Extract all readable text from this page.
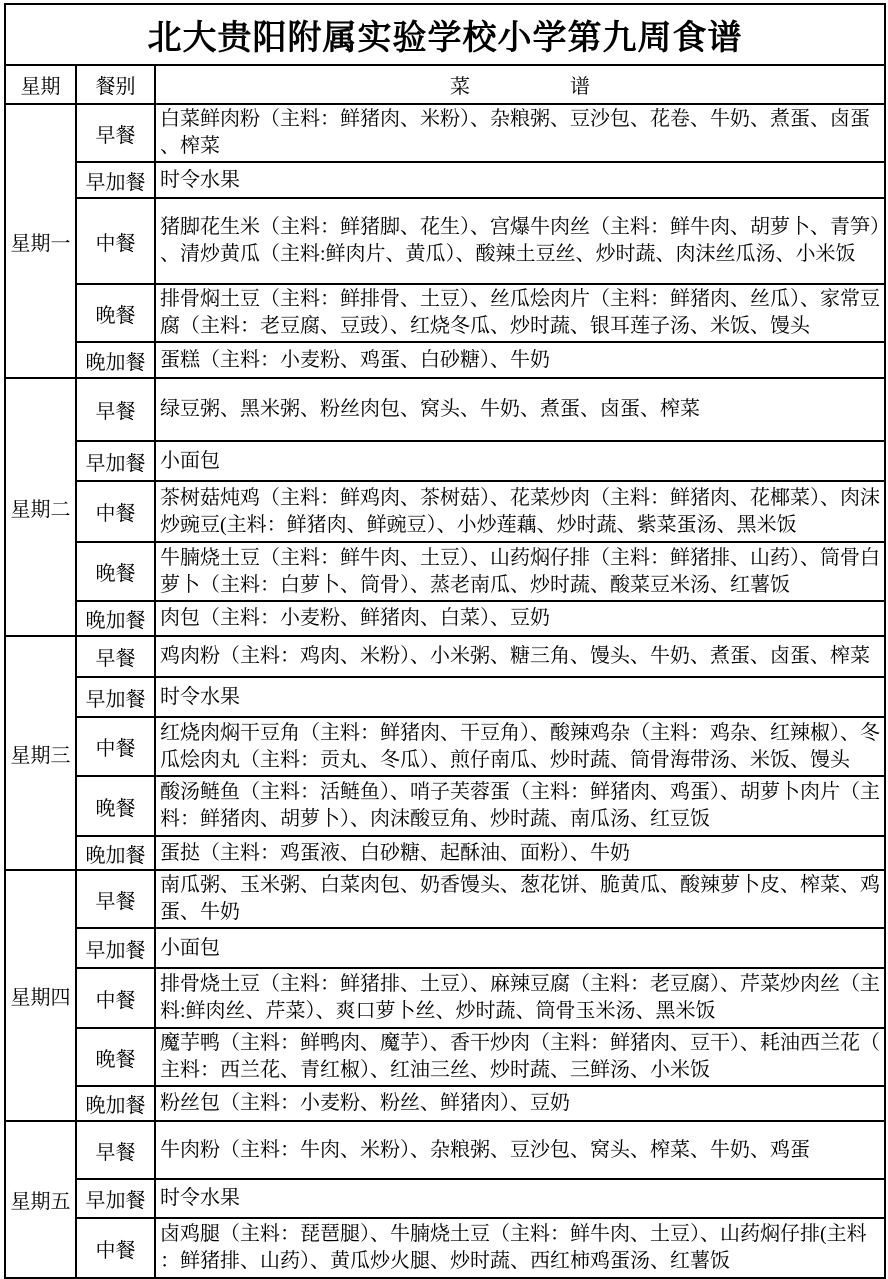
北大贵阳附属实验学校小学第九周食谱		
星期	餐别	菜　　　　　谱
星期一	早餐	白菜鲜肉粉（主料：鲜猪肉、米粉）、杂粮粥、豆沙包、花卷、牛奶、煮蛋、卤蛋、榨菜
	早加餐	时令水果
	中餐	猪脚花生米（主料：鲜猪脚、花生）、宫爆牛肉丝（主料：鲜牛肉、胡萝卜、青笋）、清炒黄瓜（主料:鲜肉片、黄瓜）、酸辣土豆丝、炒时蔬、肉沫丝瓜汤、小米饭
	晚餐	排骨焖土豆（主料：鲜排骨、土豆）、丝瓜烩肉片（主料：鲜猪肉、丝瓜）、家常豆腐（主料：老豆腐、豆豉）、红烧冬瓜、炒时蔬、银耳莲子汤、米饭、馒头
	晚加餐	蛋糕（主料：小麦粉、鸡蛋、白砂糖）、牛奶
星期二	早餐	绿豆粥、黑米粥、粉丝肉包、窝头、牛奶、煮蛋、卤蛋、榨菜
	早加餐	小面包
	中餐	茶树菇炖鸡（主料：鲜鸡肉、茶树菇）、花菜炒肉（主料：鲜猪肉、花椰菜）、肉沫炒豌豆(主料：鲜猪肉、鲜豌豆）、小炒莲藕、炒时蔬、紫菜蛋汤、黑米饭
	晚餐	牛腩烧土豆（主料：鲜牛肉、土豆）、山药焖仔排（主料：鲜猪排、山药）、筒骨白萝卜（主料：白萝卜、筒骨）、蒸老南瓜、炒时蔬、酸菜豆米汤、红薯饭
	晚加餐	肉包（主料：小麦粉、鲜猪肉、白菜）、豆奶
星期三	早餐	鸡肉粉（主料：鸡肉、米粉）、小米粥、糖三角、馒头、牛奶、煮蛋、卤蛋、榨菜
	早加餐	时令水果
	中餐	红烧肉焖干豆角（主料：鲜猪肉、干豆角）、酸辣鸡杂（主料：鸡杂、红辣椒）、冬瓜烩肉丸（主料：贡丸、冬瓜）、煎仔南瓜、炒时蔬、筒骨海带汤、米饭、馒头
	晚餐	酸汤鲢鱼（主料：活鲢鱼）、哨子芙蓉蛋（主料：鲜猪肉、鸡蛋）、胡萝卜肉片（主料：鲜猪肉、胡萝卜）、肉沫酸豆角、炒时蔬、南瓜汤、红豆饭
	晚加餐	蛋挞（主料：鸡蛋液、白砂糖、起酥油、面粉）、牛奶
星期四	早餐	南瓜粥、玉米粥、白菜肉包、奶香馒头、葱花饼、脆黄瓜、酸辣萝卜皮、榨菜、鸡蛋、牛奶
	早加餐	小面包
	中餐	排骨烧土豆（主料：鲜猪排、土豆）、麻辣豆腐（主料：老豆腐）、芹菜炒肉丝（主料:鲜肉丝、芹菜）、爽口萝卜丝、炒时蔬、筒骨玉米汤、黑米饭
	晚餐	魔芋鸭（主料：鲜鸭肉、魔芋）、香干炒肉（主料：鲜猪肉、豆干）、耗油西兰花（主料：西兰花、青红椒）、红油三丝、炒时蔬、三鲜汤、小米饭
	晚加餐	粉丝包（主料：小麦粉、粉丝、鲜猪肉）、豆奶
星期五	早餐	牛肉粉（主料：牛肉、米粉）、杂粮粥、豆沙包、窝头、榨菜、牛奶、鸡蛋
	早加餐	时令水果
	中餐	卤鸡腿（主料：琵琶腿）、牛腩烧土豆（主料：鲜牛肉、土豆）、山药焖仔排(主料：鲜猪排、山药）、黄瓜炒火腿、炒时蔬、西红柿鸡蛋汤、红薯饭
